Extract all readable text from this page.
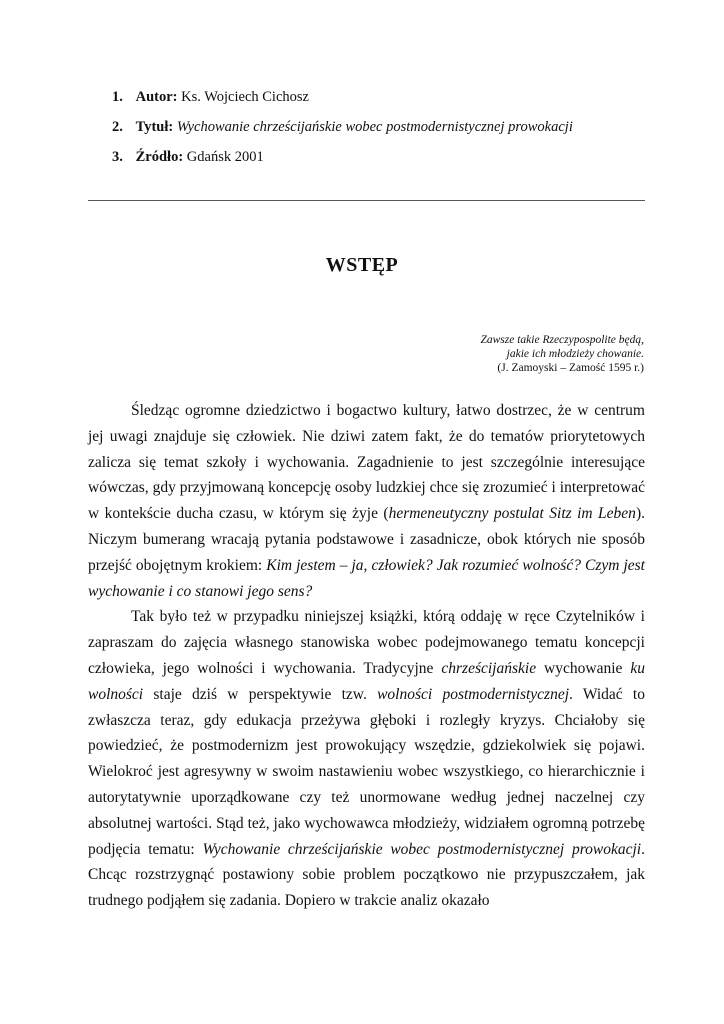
1. Autor: Ks. Wojciech Cichosz
2. Tytuł: Wychowanie chrześcijańskie wobec postmodernistycznej prowokacji
3. Źródło: Gdańsk 2001
WSTĘP
Zawsze takie Rzeczypospolite będą,
jakie ich młodzieży chowanie.
(J. Zamoyski – Zamość 1595 r.)

Śledząc ogromne dziedzictwo i bogactwo kultury, łatwo dostrzec, że w centrum jej uwagi znajduje się człowiek. Nie dziwi zatem fakt, że do tematów priorytetowych zalicza się temat szkoły i wychowania. Zagadnienie to jest szczególnie interesujące wówczas, gdy przyjmowaną koncepcję osoby ludzkiej chce się zrozumieć i interpretować w kontekście ducha czasu, w którym się żyje (hermeneutyczny postulat Sitz im Leben). Niczym bumerang wracają pytania podstawowe i zasadnicze, obok których nie sposób przejść obojętnym krokiem: Kim jestem – ja, człowiek? Jak rozumieć wolność? Czym jest wychowanie i co stanowi jego sens?

Tak było też w przypadku niniejszej książki, którą oddaję w ręce Czytelników i zapraszam do zajęcia własnego stanowiska wobec podejmowanego tematu koncepcji człowieka, jego wolności i wychowania. Tradycyjne chrześcijańskie wychowanie ku wolności staje dziś w perspektywie tzw. wolności postmodernistycznej. Widać to zwłaszcza teraz, gdy edukacja przeżywa głęboki i rozległy kryzys. Chciałoby się powiedzieć, że postmodernizm jest prowokujący wszędzie, gdziekolwiek się pojawi. Wielokroć jest agresywny w swoim nastawieniu wobec wszystkiego, co hierarchicznie i autorytatywnie uporządkowane czy też unormowane według jednej naczelnej czy absolutnej wartości. Stąd też, jako wychowawca młodzieży, widziałem ogromną potrzebę podjęcia tematu: Wychowanie chrześcijańskie wobec postmodernistycznej prowokacji. Chcąc rozstrzygnąć postawiony sobie problem początkowo nie przypuszczałem, jak trudnego podjąłem się zadania. Dopiero w trakcie analiz okazało
